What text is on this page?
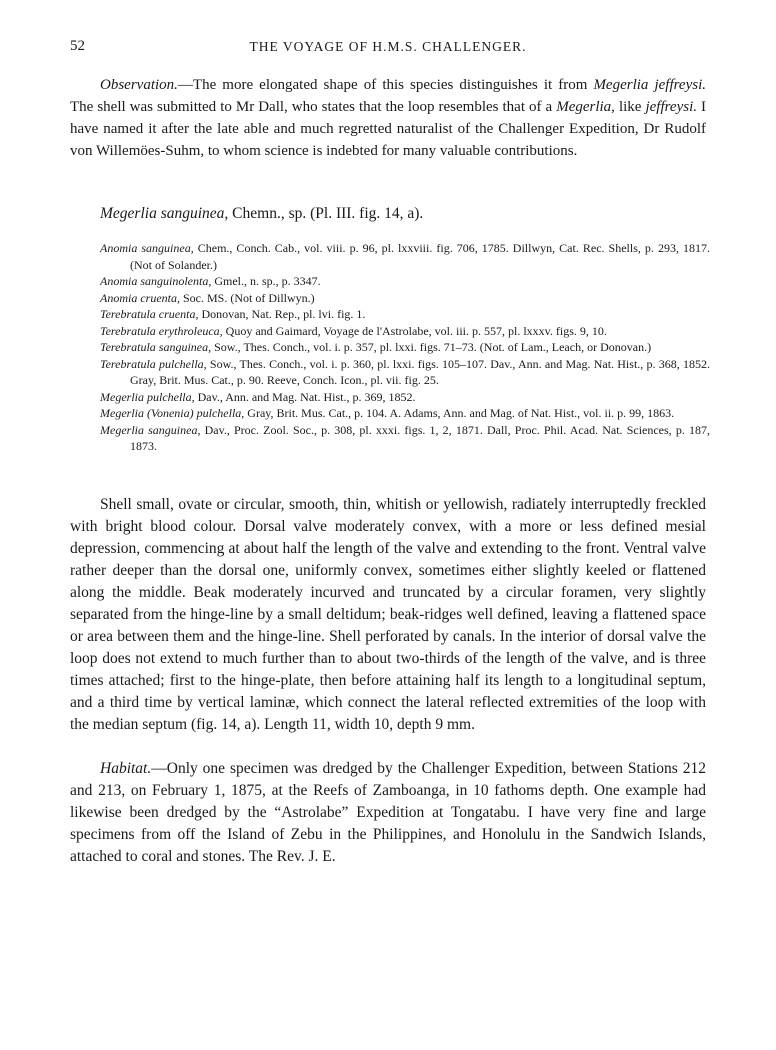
52	THE VOYAGE OF H.M.S. CHALLENGER.
Observation.—The more elongated shape of this species distinguishes it from Megerlia jeffreysi. The shell was submitted to Mr Dall, who states that the loop resembles that of a Megerlia, like jeffreysi. I have named it after the late able and much regretted naturalist of the Challenger Expedition, Dr Rudolf von Willemöes-Suhm, to whom science is indebted for many valuable contributions.
Megerlia sanguinea, Chemn., sp. (Pl. III. fig. 14, a).
Anomia sanguinea, Chem., Conch. Cab., vol. viii. p. 96, pl. lxxviii. fig. 706, 1785. Dillwyn, Cat. Rec. Shells, p. 293, 1817. (Not of Solander.)
Anomia sanguinolenta, Gmel., n. sp., p. 3347.
Anomia cruenta, Soc. MS. (Not of Dillwyn.)
Terebratula cruenta, Donovan, Nat. Rep., pl. lvi. fig. 1.
Terebratula erythroleuca, Quoy and Gaimard, Voyage de l'Astrolabe, vol. iii. p. 557, pl. lxxxv. figs. 9, 10.
Terebratula sanguinea, Sow., Thes. Conch., vol. i. p. 357, pl. lxxi. figs. 71–73. (Not. of Lam., Leach, or Donovan.)
Terebratula pulchella, Sow., Thes. Conch., vol. i. p. 360, pl. lxxi. figs. 105–107. Dav., Ann. and Mag. Nat. Hist., p. 368, 1852. Gray, Brit. Mus. Cat., p. 90. Reeve, Conch. Icon., pl. vii. fig. 25.
Megerlia pulchella, Dav., Ann. and Mag. Nat. Hist., p. 369, 1852.
Megerlia (Vonenia) pulchella, Gray, Brit. Mus. Cat., p. 104. A. Adams, Ann. and Mag. of Nat. Hist., vol. ii. p. 99, 1863.
Megerlia sanguinea, Dav., Proc. Zool. Soc., p. 308, pl. xxxi. figs. 1, 2, 1871. Dall, Proc. Phil. Acad. Nat. Sciences, p. 187, 1873.

Shell small, ovate or circular, smooth, thin, whitish or yellowish, radiately interruptedly freckled with bright blood colour. Dorsal valve moderately convex, with a more or less defined mesial depression, commencing at about half the length of the valve and extending to the front. Ventral valve rather deeper than the dorsal one, uniformly convex, sometimes either slightly keeled or flattened along the middle. Beak moderately incurved and truncated by a circular foramen, very slightly separated from the hinge-line by a small deltidum; beak-ridges well defined, leaving a flattened space or area between them and the hinge-line. Shell perforated by canals. In the interior of dorsal valve the loop does not extend to much further than to about two-thirds of the length of the valve, and is three times attached; first to the hinge-plate, then before attaining half its length to a longitudinal septum, and a third time by vertical laminæ, which connect the lateral reflected extremities of the loop with the median septum (fig. 14, a). Length 11, width 10, depth 9 mm.

Habitat.—Only one specimen was dredged by the Challenger Expedition, between Stations 212 and 213, on February 1, 1875, at the Reefs of Zamboanga, in 10 fathoms depth. One example had likewise been dredged by the “Astrolabe” Expedition at Tongatabu. I have very fine and large specimens from off the Island of Zebu in the Philippines, and Honolulu in the Sandwich Islands, attached to coral and stones. The Rev. J. E.
